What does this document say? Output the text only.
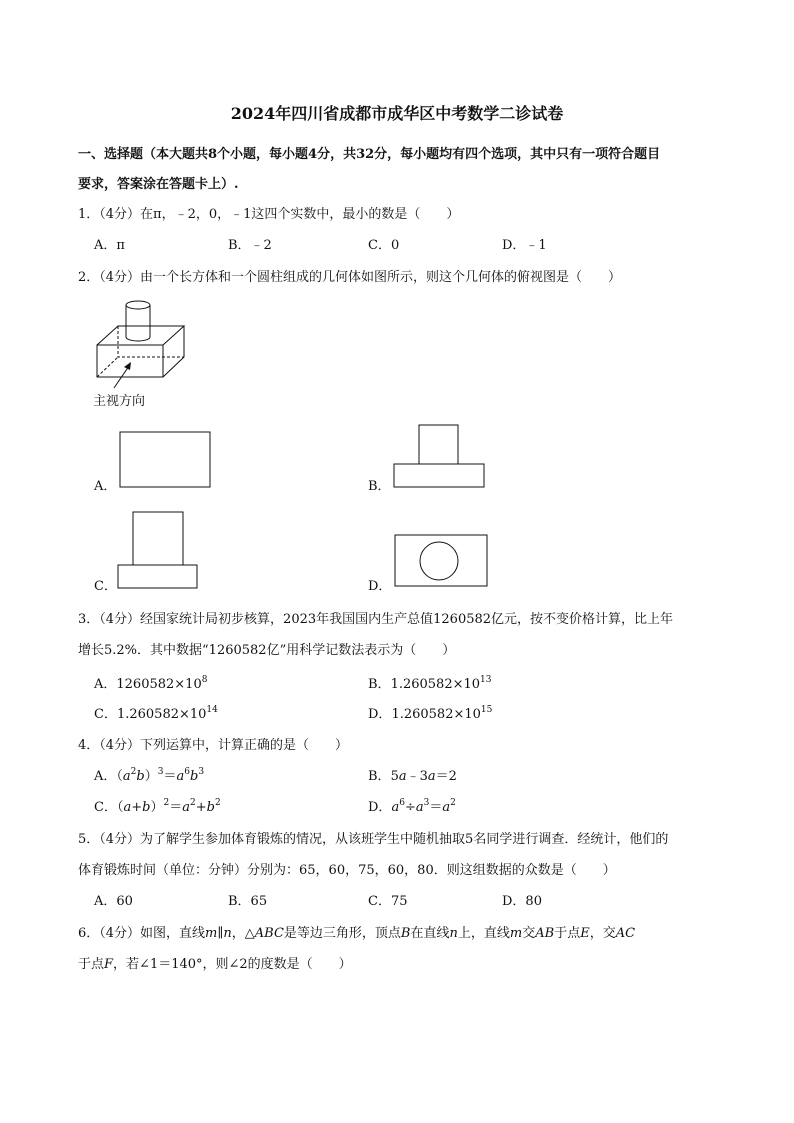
2024年四川省成都市成华区中考数学二诊试卷
一、选择题（本大题共8个小题，每小题4分，共32分，每小题均有四个选项，其中只有一项符合题目
要求，答案涂在答题卡上）.
1．（4分）在π，﹣2，0，﹣1这四个实数中，最小的数是（　　）
A．π	B．﹣2	C．0	D．﹣1
2．（4分）由一个长方体和一个圆柱组成的几何体如图所示，则这个几何体的俯视图是（　　）
主视方向
A．	B．
C．	D．
3．（4分）经国家统计局初步核算，2023年我国国内生产总值1260582亿元，按不变价格计算，比上年
增长5.2%．其中数据“1260582亿”用科学记数法表示为（　　）
A．$1260582\times 10^8$	B．$1.260582\times 10^{13}$
C．$1.260582\times 10^{14}$	D．$1.260582\times 10^{15}$
4．（4分）下列运算中，计算正确的是（　　）
A．$(a^2b)^3=a^6b^3$	B．5a﹣3a＝2
C．$(a+b)^2=a^2+b^2$	D．$a^6\div a^3=a^2$
5．（4分）为了解学生参加体育锻炼的情况，从该班学生中随机抽取5名同学进行调查．经统计，他们的
体育锻炼时间（单位：分钟）分别为：65，60，75，60，80．则这组数据的众数是（　　）
A．60	B．65	C．75	D．80
6．（4分）如图，直线m∥n，△ABC是等边三角形，顶点B在直线n上，直线m交AB于点E，交AC
于点F，若∠1＝140°，则∠2的度数是（　　）
